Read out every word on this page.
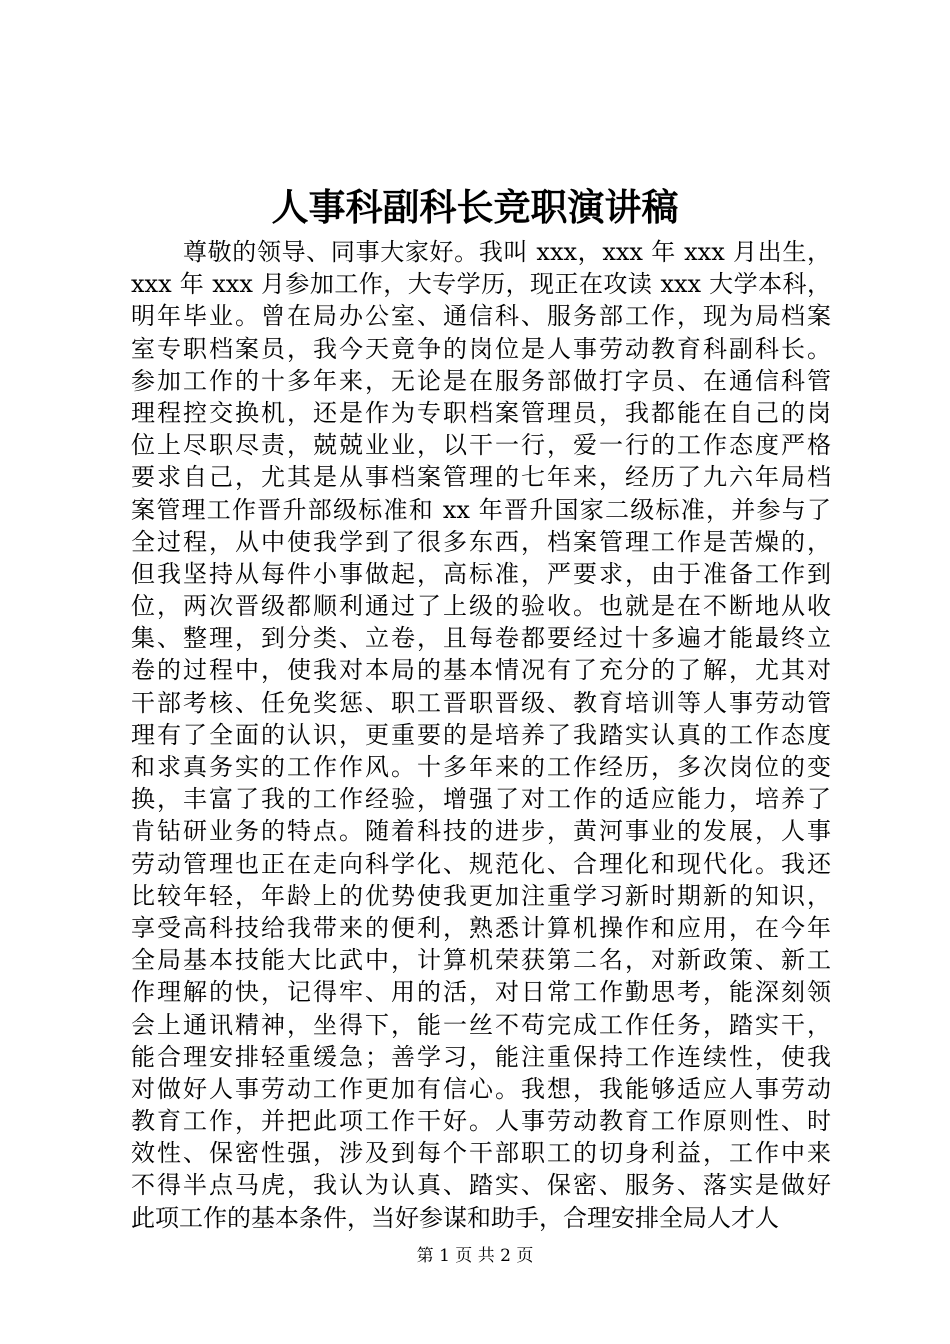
人事科副科长竞职演讲稿
尊敬的领导、同事大家好。我叫 xxx，xxx 年 xxx 月出生，
xxx 年 xxx 月参加工作，大专学历，现正在攻读 xxx 大学本科，
明年毕业。曾在局办公室、通信科、服务部工作，现为局档案
室专职档案员，我今天竟争的岗位是人事劳动教育科副科长。
参加工作的十多年来，无论是在服务部做打字员、在通信科管
理程控交换机，还是作为专职档案管理员，我都能在自己的岗
位上尽职尽责，兢兢业业，以干一行，爱一行的工作态度严格
要求自己，尤其是从事档案管理的七年来，经历了九六年局档
案管理工作晋升部级标准和 xx 年晋升国家二级标准，并参与了
全过程，从中使我学到了很多东西，档案管理工作是苦燥的，
但我坚持从每件小事做起，高标准，严要求，由于准备工作到
位，两次晋级都顺利通过了上级的验收。也就是在不断地从收
集、整理，到分类、立卷，且每卷都要经过十多遍才能最终立
卷的过程中，使我对本局的基本情况有了充分的了解，尤其对
干部考核、任免奖惩、职工晋职晋级、教育培训等人事劳动管
理有了全面的认识，更重要的是培养了我踏实认真的工作态度
和求真务实的工作作风。十多年来的工作经历，多次岗位的变
换，丰富了我的工作经验，增强了对工作的适应能力，培养了
肯钻研业务的特点。随着科技的进步，黄河事业的发展，人事
劳动管理也正在走向科学化、规范化、合理化和现代化。我还
比较年轻，年龄上的优势使我更加注重学习新时期新的知识，
享受高科技给我带来的便利，熟悉计算机操作和应用，在今年
全局基本技能大比武中，计算机荣获第二名，对新政策、新工
作理解的快，记得牢、用的活，对日常工作勤思考，能深刻领
会上通讯精神，坐得下，能一丝不苟完成工作任务，踏实干，
能合理安排轻重缓急；善学习，能注重保持工作连续性，使我
对做好人事劳动工作更加有信心。我想，我能够适应人事劳动
教育工作，并把此项工作干好。人事劳动教育工作原则性、时
效性、保密性强，涉及到每个干部职工的切身利益，工作中来
不得半点马虎，我认为认真、踏实、保密、服务、落实是做好
此项工作的基本条件，当好参谋和助手，合理安排全局人才人
第 1 页 共 2 页
